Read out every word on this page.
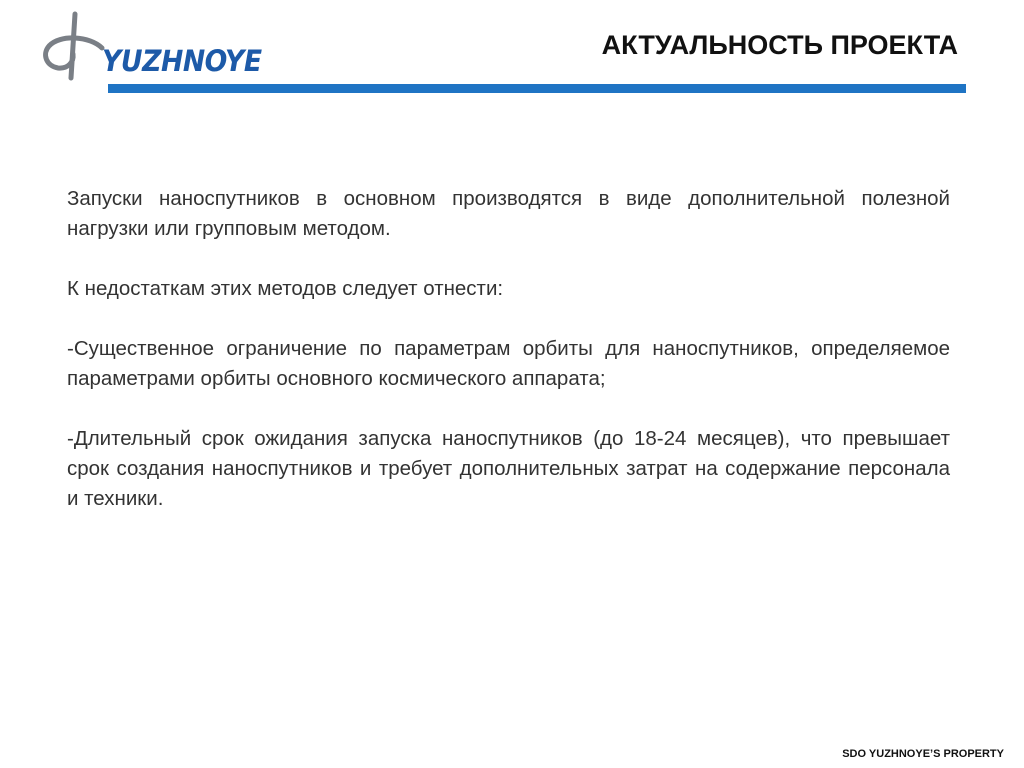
YUZHNOYE	АКТУАЛЬНОСТЬ ПРОЕКТА

Запуски наноспутников в основном производятся в виде дополнительной полезной нагрузки или групповым методом.

К недостаткам этих методов следует отнести:

-Существенное ограничение по параметрам орбиты для наноспутников, определяемое параметрами орбиты основного космического аппарата;

-Длительный срок ожидания запуска наноспутников (до 18-24 месяцев), что превышает срок создания наноспутников и требует дополнительных затрат на содержание персонала и техники.

SDO YUZHNOYE’S PROPERTY
